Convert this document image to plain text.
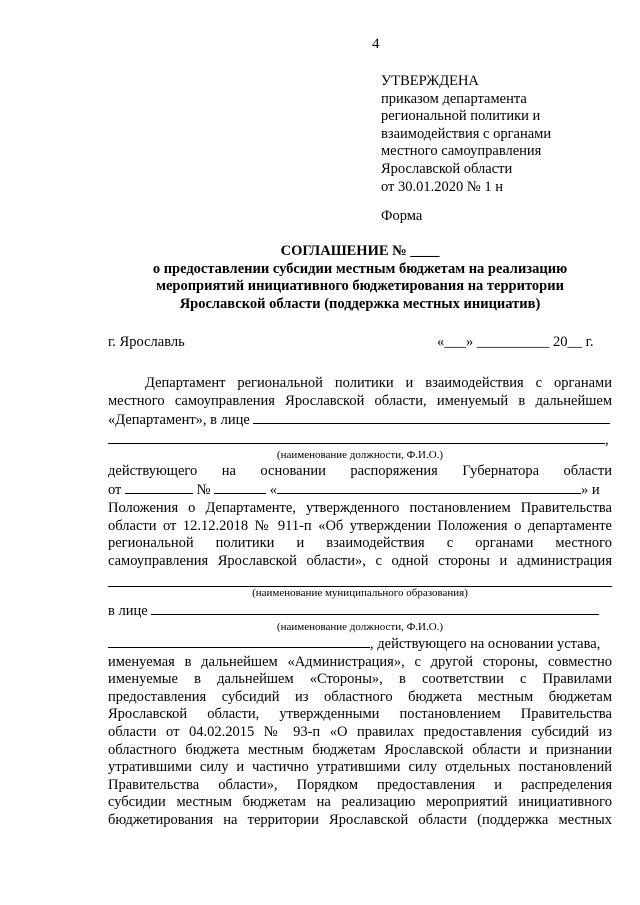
4
УТВЕРЖДЕНА
приказом департамента
региональной политики и
взаимодействия с органами
местного самоуправления
Ярославской области
от 30.01.2020 № 1 н
Форма
СОГЛАШЕНИЕ № ____
о предоставлении субсидии местным бюджетам на реализацию
мероприятий инициативного бюджетирования на территории
Ярославской области (поддержка местных инициатив)
г. Ярославль	«___» __________ 20__ г.
Департамент региональной политики и взаимодействия с органами
местного самоуправления Ярославской области, именуемый в дальнейшем
«Департамент», в лице
,
(наименование должности, Ф.И.О.)
действующего на основании распоряжения Губернатора области
от	№	«	» и
Положения о Департаменте, утвержденного постановлением Правительства
области от 12.12.2018 № 911-п «Об утверждении Положения о департаменте
региональной политики и взаимодействия с органами местного
самоуправления Ярославской области», с одной стороны и администрация
(наименование муниципального образования)
в лице
(наименование должности, Ф.И.О.)
, действующего на основании устава,
именуемая в дальнейшем «Администрация», с другой стороны, совместно
именуемые в дальнейшем «Стороны», в соответствии с Правилами
предоставления субсидий из областного бюджета местным бюджетам
Ярославской области, утвержденными постановлением Правительства
области от 04.02.2015 № 93-п «О правилах предоставления субсидий из
областного бюджета местным бюджетам Ярославской области и признании
утратившими силу и частично утратившими силу отдельных постановлений
Правительства области», Порядком предоставления и распределения
субсидии местным бюджетам на реализацию мероприятий инициативного
бюджетирования на территории Ярославской области (поддержка местных
